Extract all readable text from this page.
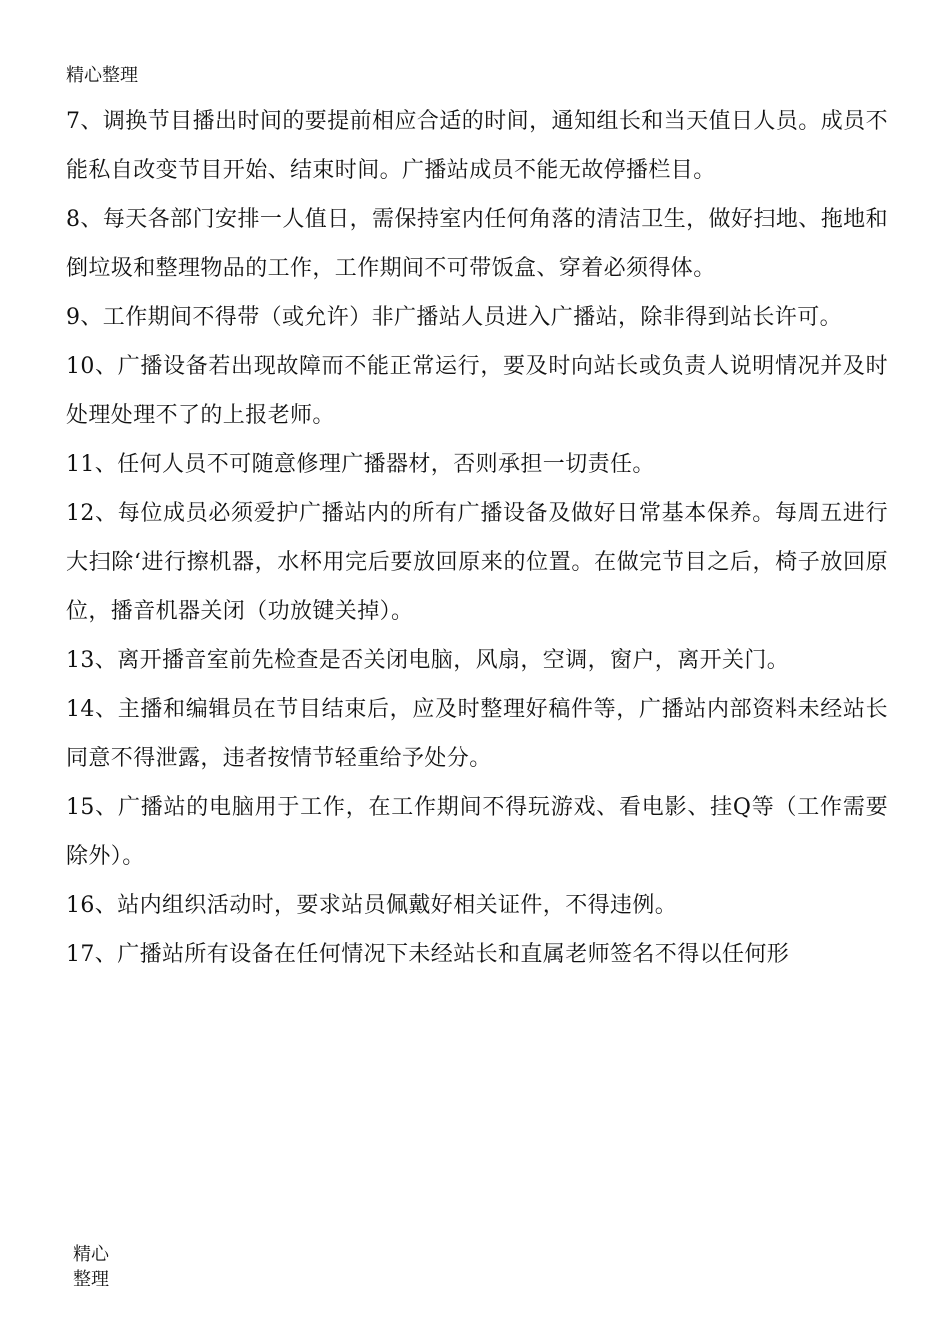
精心整理

7、调换节目播出时间的要提前相应合适的时间，通知组长和当天值日人员。成员不能私自改变节目开始、结束时间。广播站成员不能无故停播栏目。

8、每天各部门安排一人值日，需保持室内任何角落的清洁卫生，做好扫地、拖地和倒垃圾和整理物品的工作，工作期间不可带饭盒、穿着必须得体。

9、工作期间不得带（或允许）非广播站人员进入广播站，除非得到站长许可。

10、广播设备若出现故障而不能正常运行，要及时向站长或负责人说明情况并及时处理处理不了的上报老师。

11、任何人员不可随意修理广播器材，否则承担一切责任。

12、每位成员必须爱护广播站内的所有广播设备及做好日常基本保养。每周五进行大扫除‘进行擦机器，水杯用完后要放回原来的位置。在做完节目之后，椅子放回原位，播音机器关闭（功放键关掉）。

13、离开播音室前先检查是否关闭电脑，风扇，空调，窗户，离开关门。

14、主播和编辑员在节目结束后，应及时整理好稿件等，广播站内部资料未经站长同意不得泄露，违者按情节轻重给予处分。

15、广播站的电脑用于工作，在工作期间不得玩游戏、看电影、挂Q等（工作需要除外）。

16、站内组织活动时，要求站员佩戴好相关证件，不得违例。

17、广播站所有设备在任何情况下未经站长和直属老师签名不得以任何形

精心
整理
